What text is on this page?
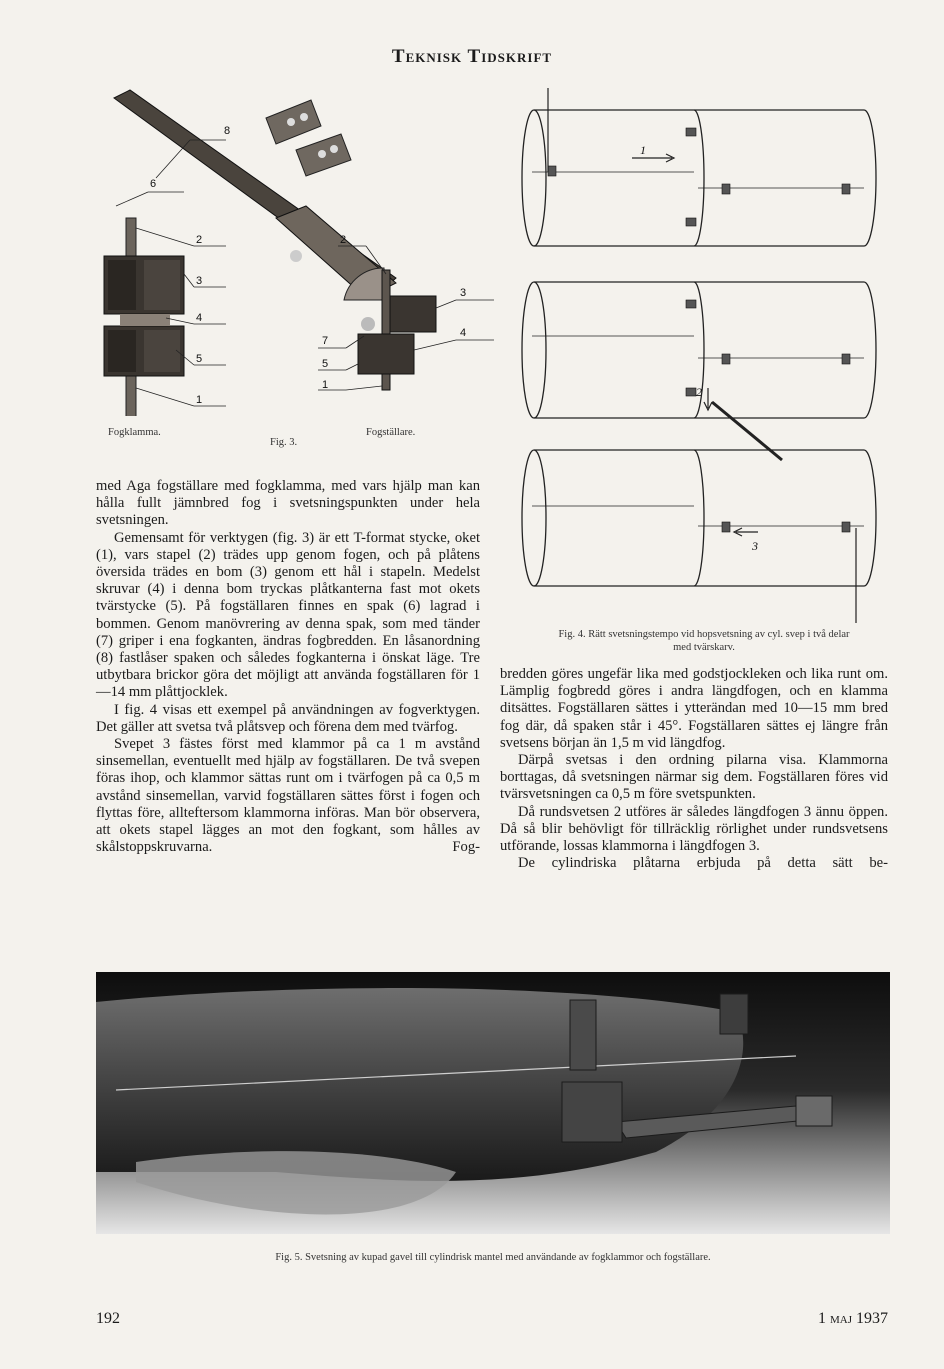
Teknisk Tidskrift
8
6
2
3
4
5
1
2
3
4
7
5
1
Fogklamma.	Fogställare.
Fig. 3.
1
2
3
Fig. 4. Rätt svetsningstempo vid hopsvetsning av cyl. svep i två delar
med tvärskarv.

med Aga fogställare med fogklamma, med vars hjälp man kan hålla fullt jämnbred fog i svetsningspunkten under hela svetsningen.

Gemensamt för verktygen (fig. 3) är ett T-format stycke, oket (1), vars stapel (2) trädes upp genom fogen, och på plåtens översida trädes en bom (3) genom ett hål i stapeln. Medelst skruvar (4) i denna bom tryckas plåtkanterna fast mot okets tvärstycke (5). På fogställaren finnes en spak (6) lagrad i bommen. Genom manövrering av denna spak, som med tänder (7) griper i ena fogkanten, ändras fogbredden. En låsanordning (8) fastlåser spaken och således fogkanterna i önskat läge. Tre utbytbara brickor göra det möjligt att använda fogställaren för 1—14 mm plåttjocklek.

I fig. 4 visas ett exempel på användningen av fogverktygen. Det gäller att svetsa två plåtsvep och förena dem med tvärfog.

Svepet 3 fästes först med klammor på ca 1 m avstånd sinsemellan, eventuellt med hjälp av fogställaren. De två svepen föras ihop, och klammor sättas runt om i tvärfogen på ca 0,5 m avstånd sinsemellan, varvid fogställaren sättes först i fogen och flyttas före, allteftersom klammorna införas. Man bör observera, att okets stapel lägges an mot den fogkant, som hålles av skålstoppskruvarna. Fog-

bredden göres ungefär lika med godstjockleken och lika runt om. Lämplig fogbredd göres i andra längdfogen, och en klamma ditsättes. Fogställaren sättes i ytterändan med 10—15 mm bred fog där, då spaken står i 45°. Fogställaren sättes ej längre från svetsens början än 1,5 m vid längdfog.

Därpå svetsas i den ordning pilarna visa. Klammorna borttagas, då svetsningen närmar sig dem. Fogställaren föres vid tvärsvetsningen ca 0,5 m före svetspunkten.

Då rundsvetsen 2 utföres är således längdfogen 3 ännu öppen. Då så blir behövligt för tillräcklig rörlighet under rundsvetsens utförande, lossas klammorna i längdfogen 3.

De cylindriska plåtarna erbjuda på detta sätt be-

Fig. 5. Svetsning av kupad gavel till cylindrisk mantel med användande av fogklammor och fogställare.
192	1 maj 1937
